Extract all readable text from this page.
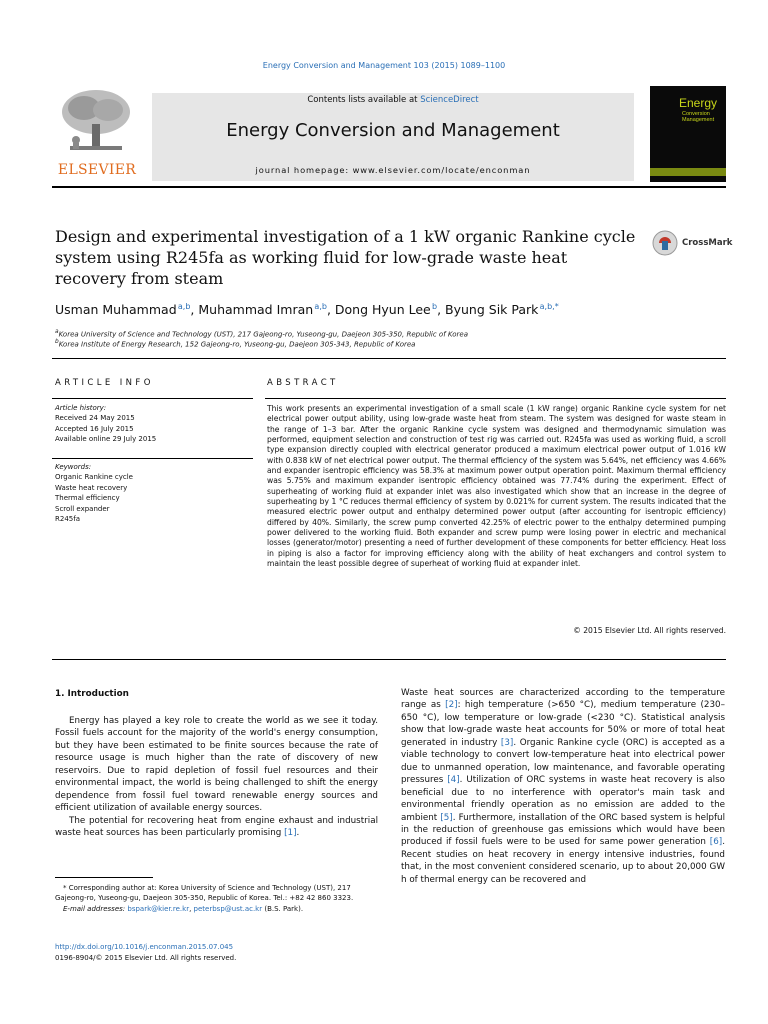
Energy Conversion and Management 103 (2015) 1089–1100
ELSEVIER
Contents lists available at ScienceDirect
Energy Conversion and Management
journal homepage: www.elsevier.com/locate/enconman
Energy
Conversion
Management
Design and experimental investigation of a 1 kW organic Rankine cycle system using R245fa as working fluid for low-grade waste heat recovery from steam
CrossMark
Usman Muhammad $^{a,b}$, Muhammad Imran $^{a,b}$, Dong Hyun Lee $^b$, Byung Sik Park $^{a,b,*}$
$^a$Korea University of Science and Technology (UST), 217 Gajeong-ro, Yuseong-gu, Daejeon 305-350, Republic of Korea
$^b$Korea Institute of Energy Research, 152 Gajeong-ro, Yuseong-gu, Daejeon 305-343, Republic of Korea
ARTICLE INFO	ABSTRACT
Article history:
Received 24 May 2015
Accepted 16 July 2015
Available online 29 July 2015
Keywords:
Organic Rankine cycle
Waste heat recovery
Thermal efficiency
Scroll expander
R245fa
This work presents an experimental investigation of a small scale (1 kW range) organic Rankine cycle system for net electrical power output ability, using low-grade waste heat from steam. The system was designed for waste steam in the range of 1–3 bar. After the organic Rankine cycle system was designed and thermodynamic simulation was performed, equipment selection and construction of test rig was carried out. R245fa was used as working fluid, a scroll type expansion directly coupled with electrical generator produced a maximum electrical power output of 1.016 kW with 0.838 kW of net electrical power output. The thermal efficiency of the system was 5.64%, net efficiency was 4.66% and expander isentropic efficiency was 58.3% at maximum power output operation point. Maximum thermal efficiency was 5.75% and maximum expander isentropic efficiency obtained was 77.74% during the experiment. Effect of superheating of working fluid at expander inlet was also investigated which show that an increase in the degree of superheating by 1 °C reduces thermal efficiency of system by 0.021% for current system. The results indicated that the measured electric power output and enthalpy determined power output (after accounting for isentropic efficiency) differed by 40%. Similarly, the screw pump converted 42.25% of electric power to the enthalpy determined pumping power delivered to the working fluid. Both expander and screw pump were losing power in electric and mechanical losses (generator/motor) presenting a need of further development of these components for better efficiency. Heat loss in piping is also a factor for improving efficiency along with the ability of heat exchangers and control system to maintain the least possible degree of superheat of working fluid at expander inlet.
© 2015 Elsevier Ltd. All rights reserved.
1. Introduction

Energy has played a key role to create the world as we see it today. Fossil fuels account for the majority of the world's energy consumption, but they have been estimated to be finite sources because the rate of resource usage is much higher than the rate of discovery of new reservoirs. Due to rapid depletion of fossil fuel resources and their environmental impact, the world is being challenged to shift the energy dependence from fossil fuel toward renewable energy sources and efficient utilization of available energy sources.

The potential for recovering heat from engine exhaust and industrial waste heat sources has been particularly promising [1].

Waste heat sources are characterized according to the temperature range as [2]: high temperature (>650 °C), medium temperature (230–650 °C), low temperature or low-grade (<230 °C). Statistical analysis show that low-grade waste heat accounts for 50% or more of total heat generated in industry [3]. Organic Rankine cycle (ORC) is accepted as a viable technology to convert low-temperature heat into electrical power due to unmanned operation, low maintenance, and favorable operating pressures [4]. Utilization of ORC systems in waste heat recovery is also beneficial due to no interference with operator's main task and environmental friendly operation as no emission are added to the ambient [5]. Furthermore, installation of the ORC based system is helpful in the reduction of greenhouse gas emissions which would have been produced if fossil fuels were to be used for same power generation [6]. Recent studies on heat recovery in energy intensive industries, found that, in the most convenient considered scenario, up to about 20,000 GW h of thermal energy can be recovered and

* Corresponding author at: Korea University of Science and Technology (UST), 217 Gajeong-ro, Yuseong-gu, Daejeon 305-350, Republic of Korea. Tel.: +82 42 860 3323.
E-mail addresses: bspark@kier.re.kr, peterbsp@ust.ac.kr (B.S. Park).
http://dx.doi.org/10.1016/j.enconman.2015.07.045
0196-8904/© 2015 Elsevier Ltd. All rights reserved.
